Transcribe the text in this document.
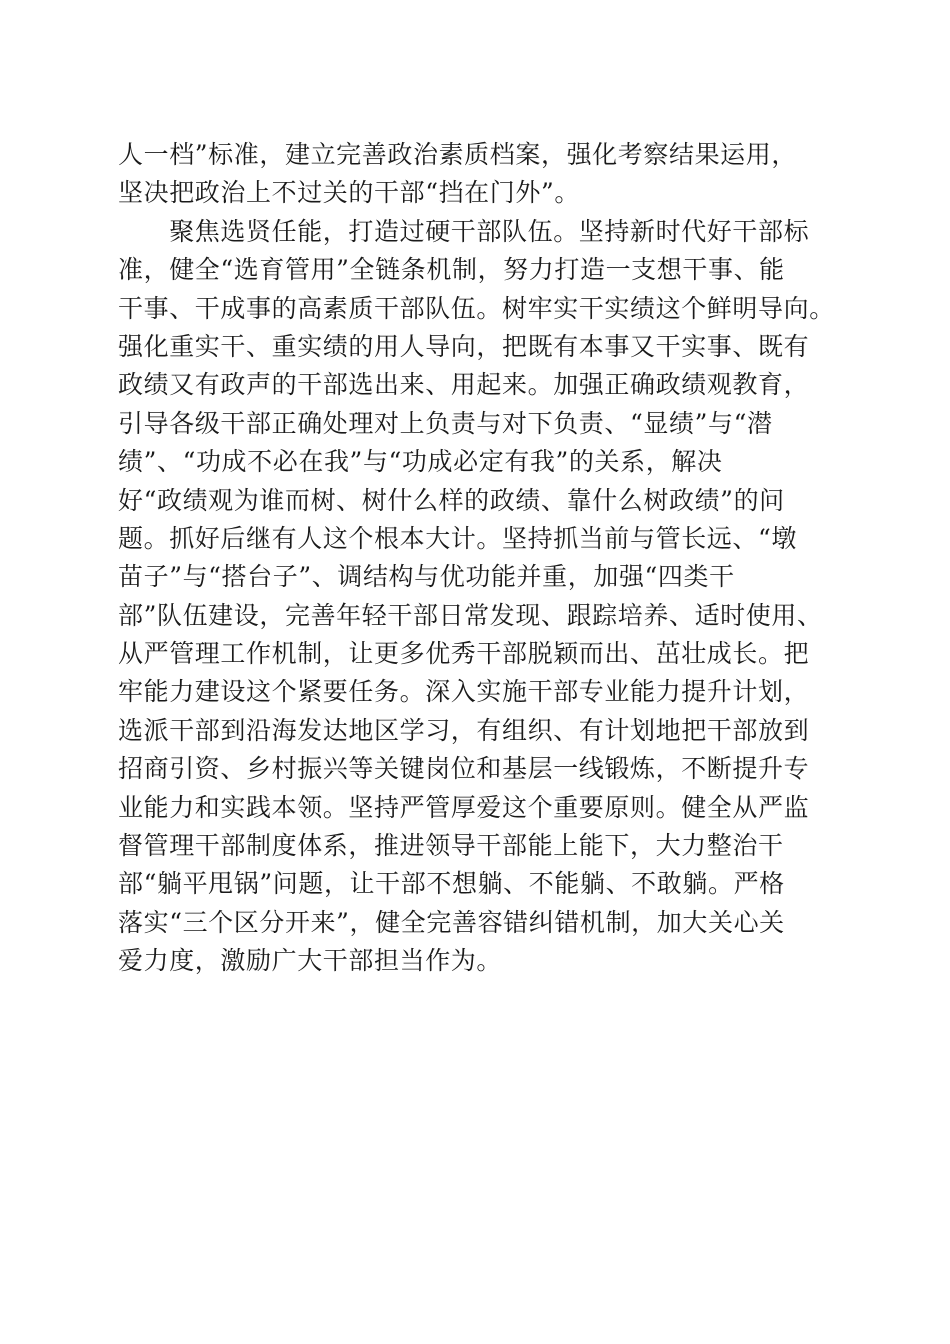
人一档”标准，建立完善政治素质档案，强化考察结果运用，
坚决把政治上不过关的干部“挡在门外”。
　　聚焦选贤任能，打造过硬干部队伍。坚持新时代好干部标
准，健全“选育管用”全链条机制，努力打造一支想干事、能
干事、干成事的高素质干部队伍。树牢实干实绩这个鲜明导向。
强化重实干、重实绩的用人导向，把既有本事又干实事、既有
政绩又有政声的干部选出来、用起来。加强正确政绩观教育，
引导各级干部正确处理对上负责与对下负责、“显绩”与“潜
绩”、“功成不必在我”与“功成必定有我”的关系，解决
好“政绩观为谁而树、树什么样的政绩、靠什么树政绩”的问
题。抓好后继有人这个根本大计。坚持抓当前与管长远、“墩
苗子”与“搭台子”、调结构与优功能并重，加强“四类干
部”队伍建设，完善年轻干部日常发现、跟踪培养、适时使用、
从严管理工作机制，让更多优秀干部脱颖而出、茁壮成长。把
牢能力建设这个紧要任务。深入实施干部专业能力提升计划，
选派干部到沿海发达地区学习，有组织、有计划地把干部放到
招商引资、乡村振兴等关键岗位和基层一线锻炼，不断提升专
业能力和实践本领。坚持严管厚爱这个重要原则。健全从严监
督管理干部制度体系，推进领导干部能上能下，大力整治干
部“躺平甩锅”问题，让干部不想躺、不能躺、不敢躺。严格
落实“三个区分开来”，健全完善容错纠错机制，加大关心关
爱力度，激励广大干部担当作为。
